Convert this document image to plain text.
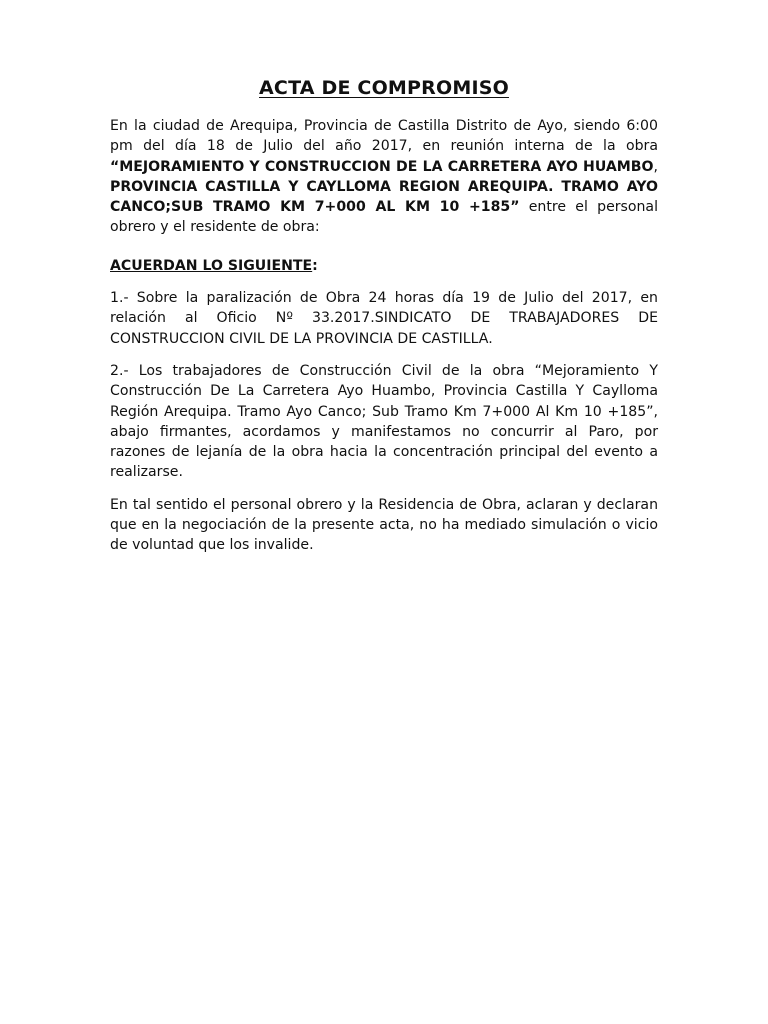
ACTA DE COMPROMISO

En la ciudad de Arequipa, Provincia de Castilla Distrito de Ayo, siendo 6:00 pm del día 18 de Julio del año 2017, en reunión interna de la obra “MEJORAMIENTO Y CONSTRUCCION DE LA CARRETERA AYO HUAMBO, PROVINCIA CASTILLA Y CAYLLOMA REGION AREQUIPA. TRAMO AYO CANCO;SUB TRAMO KM 7+000 AL KM 10 +185” entre el personal obrero y el residente de obra:

ACUERDAN LO SIGUIENTE:

1.- Sobre la paralización de Obra 24 horas día 19 de Julio del 2017, en relación al Oficio Nº 33.2017.SINDICATO DE TRABAJADORES DE CONSTRUCCION CIVIL DE LA PROVINCIA DE CASTILLA.

2.- Los trabajadores de Construcción Civil de la obra “Mejoramiento Y Construcción De La Carretera Ayo Huambo, Provincia Castilla Y Caylloma Región Arequipa. Tramo Ayo Canco; Sub Tramo Km 7+000 Al Km 10 +185”, abajo firmantes, acordamos y manifestamos no concurrir al Paro, por razones de lejanía de la obra hacia la concentración principal del evento a realizarse.

En tal sentido el personal obrero y la Residencia de Obra, aclaran y declaran que en la negociación de la presente acta, no ha mediado simulación o vicio de voluntad que los invalide.
